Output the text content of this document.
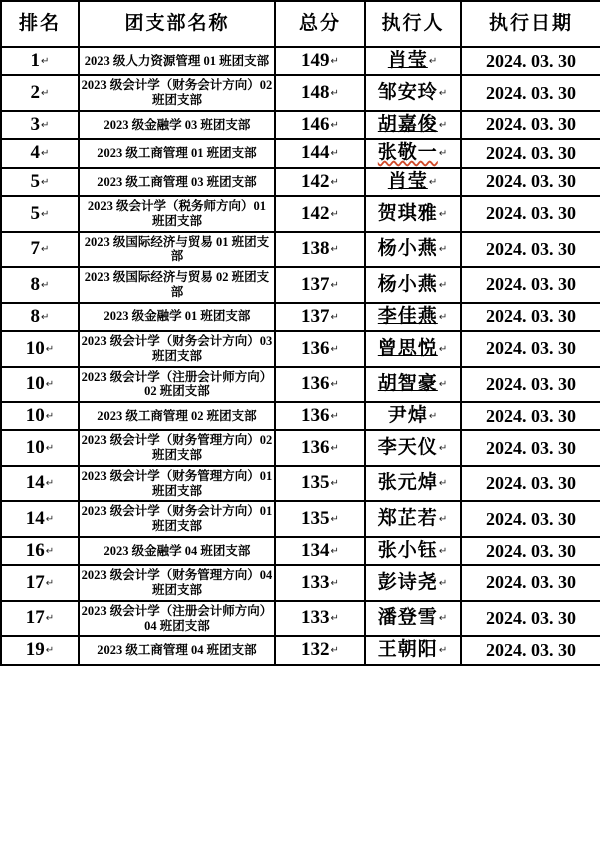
排名	团支部名称	总分	执行人	执行日期
1↵	2023 级人力资源管理 01 班团支部	149↵	肖莹↵	2024. 03. 30
2↵	2023 级会计学（财务会计方向）02 班团支部	148↵	邹安玲↵	2024. 03. 30
3↵	2023 级金融学 03 班团支部	146↵	胡嘉俊↵	2024. 03. 30
4↵	2023 级工商管理 01 班团支部	144↵	张敬一↵	2024. 03. 30
5↵	2023 级工商管理 03 班团支部	142↵	肖莹↵	2024. 03. 30
5↵	2023 级会计学（税务师方向）01 班团支部	142↵	贺琪雅↵	2024. 03. 30
7↵	2023 级国际经济与贸易 01 班团支部	138↵	杨小燕↵	2024. 03. 30
8↵	2023 级国际经济与贸易 02 班团支部	137↵	杨小燕↵	2024. 03. 30
8↵	2023 级金融学 01 班团支部	137↵	李佳燕↵	2024. 03. 30
10↵	2023 级会计学（财务会计方向）03 班团支部	136↵	曾思悦↵	2024. 03. 30
10↵	2023 级会计学（注册会计师方向）02 班团支部	136↵	胡智豪↵	2024. 03. 30
10↵	2023 级工商管理 02 班团支部	136↵	尹焯↵	2024. 03. 30
10↵	2023 级会计学（财务管理方向）02 班团支部	136↵	李天仪↵	2024. 03. 30
14↵	2023 级会计学（财务管理方向）01 班团支部	135↵	张元焯↵	2024. 03. 30
14↵	2023 级会计学（财务会计方向）01 班团支部	135↵	郑芷若↵	2024. 03. 30
16↵	2023 级金融学 04 班团支部	134↵	张小钰↵	2024. 03. 30
17↵	2023 级会计学（财务管理方向）04 班团支部	133↵	彭诗尧↵	2024. 03. 30
17↵	2023 级会计学（注册会计师方向）04 班团支部	133↵	潘登雪↵	2024. 03. 30
19↵	2023 级工商管理 04 班团支部	132↵	王朝阳↵	2024. 03. 30
